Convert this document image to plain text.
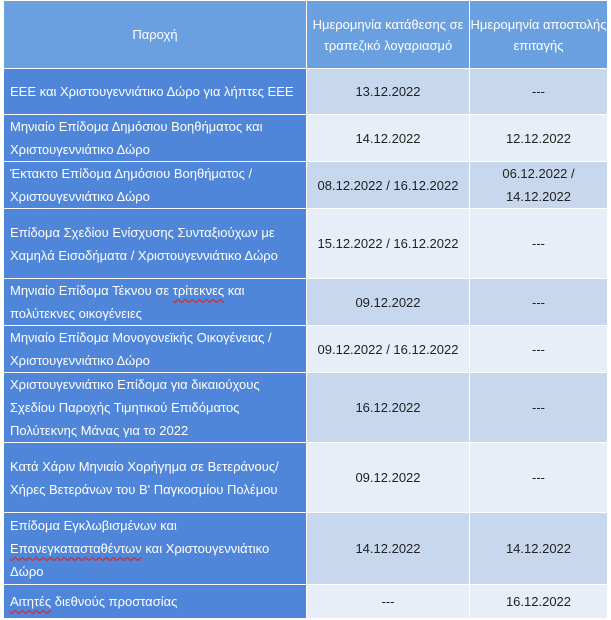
Παροχή	Ημερομηνία κατάθεσης σε τραπεζικό λογαριασμό	Ημερομηνία αποστολής επιταγής
ΕΕΕ και Χριστουγεννιάτικο Δώρο για λήπτες ΕΕΕ	13.12.2022	---
Μηνιαίο Επίδομα Δημόσιου Βοηθήματος και Χριστουγεννιάτικο Δώρο	14.12.2022	12.12.2022
Έκτακτο Επίδομα Δημόσιου Βοηθήματος / Χριστουγεννιάτικο Δώρο	08.12.2022 / 16.12.2022	06.12.2022 / 14.12.2022
Επίδομα Σχεδίου Ενίσχυσης Συνταξιούχων με Χαμηλά Εισοδήματα / Χριστουγεννιάτικο Δώρο	15.12.2022 / 16.12.2022	---
Μηνιαίο Επίδομα Τέκνου σε τρίτεκνες και πολύτεκνες οικογένειες	09.12.2022	---
Μηνιαίο Επίδομα Μονογονεϊκής Οικογένειας / Χριστουγεννιάτικο Δώρο	09.12.2022 / 16.12.2022	---
Χριστουγεννιάτικο Επίδομα για δικαιούχους Σχεδίου Παροχής Τιμητικού Επιδόματος Πολύτεκνης Μάνας για το 2022	16.12.2022	---
Κατά Χάριν Μηνιαίο Χορήγημα σε Βετεράνους/Χήρες Βετεράνων του Β' Παγκοσμίου Πολέμου	09.12.2022	---
Επίδομα Εγκλωβισμένων και Επανεγκατασταθέντων και Χριστουγεννιάτικο Δώρο	14.12.2022	14.12.2022
Αιτητές διεθνούς προστασίας	---	16.12.2022
